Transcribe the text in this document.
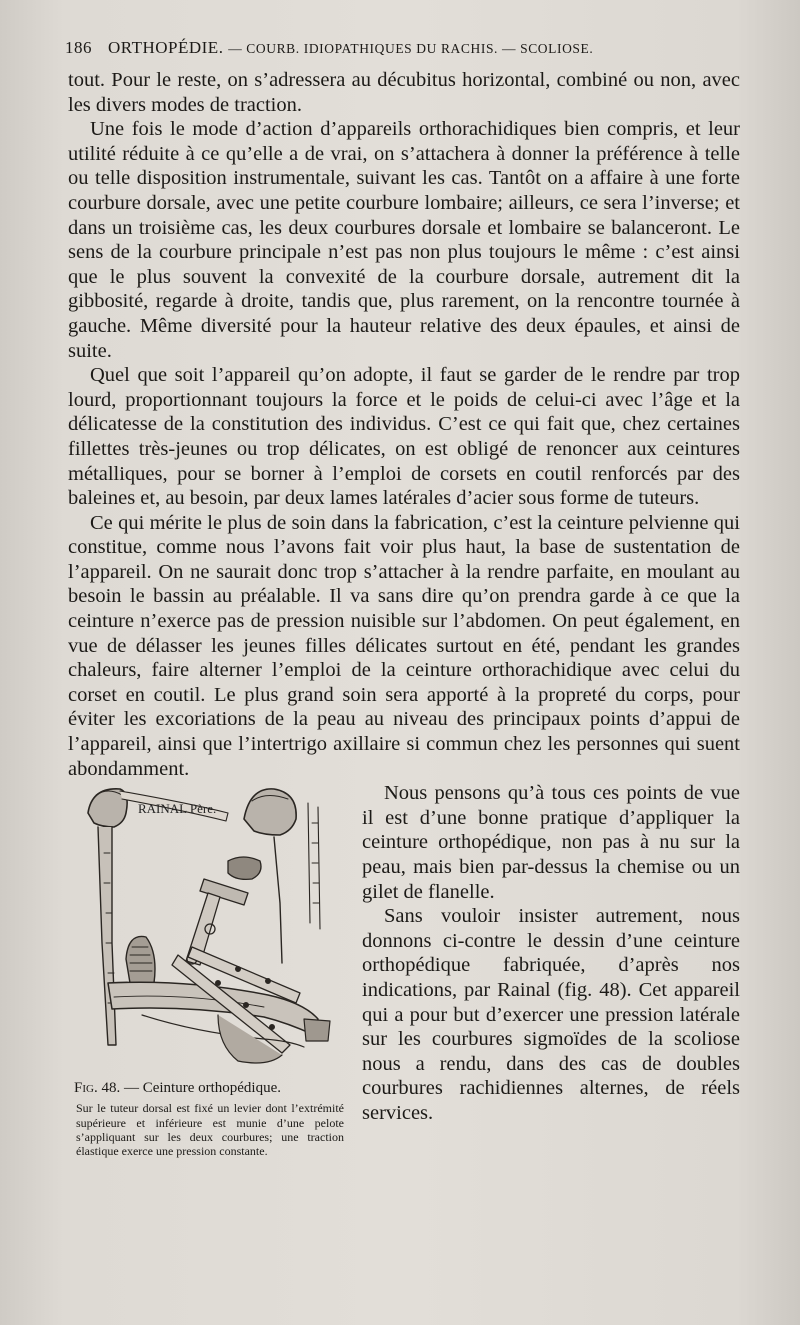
186 ORTHOPÉDIE. — COURB. IDIOPATHIQUES DU RACHIS. — SCOLIOSE.

tout. Pour le reste, on s’adressera au décubitus horizontal, combiné ou non, avec les divers modes de traction.

Une fois le mode d’action d’appareils orthorachidiques bien compris, et leur utilité réduite à ce qu’elle a de vrai, on s’attachera à donner la préférence à telle ou telle disposition instrumentale, suivant les cas. Tantôt on a affaire à une forte courbure dorsale, avec une petite courbure lombaire; ailleurs, ce sera l’inverse; et dans un troisième cas, les deux courbures dorsale et lombaire se balanceront. Le sens de la courbure principale n’est pas non plus toujours le même : c’est ainsi que le plus souvent la convexité de la courbure dorsale, autrement dit la gibbosité, regarde à droite, tandis que, plus rarement, on la rencontre tournée à gauche. Même diversité pour la hauteur relative des deux épaules, et ainsi de suite.

Quel que soit l’appareil qu’on adopte, il faut se garder de le rendre par trop lourd, proportionnant toujours la force et le poids de celui-ci avec l’âge et la délicatesse de la constitution des individus. C’est ce qui fait que, chez certaines fillettes très-jeunes ou trop délicates, on est obligé de renoncer aux ceintures métalliques, pour se borner à l’emploi de corsets en coutil renforcés par des baleines et, au besoin, par deux lames latérales d’acier sous forme de tuteurs.

Ce qui mérite le plus de soin dans la fabrication, c’est la ceinture pelvienne qui constitue, comme nous l’avons fait voir plus haut, la base de sustentation de l’appareil. On ne saurait donc trop s’attacher à la rendre parfaite, en moulant au besoin le bassin au préalable. Il va sans dire qu’on prendra garde à ce que la ceinture n’exerce pas de pression nuisible sur l’abdomen. On peut également, en vue de délasser les jeunes filles délicates surtout en été, pendant les grandes chaleurs, faire alterner l’emploi de la ceinture orthorachidique avec celui du corset en coutil. Le plus grand soin sera apporté à la propreté du corps, pour éviter les excoriations de la peau au niveau des principaux points d’appui de l’appareil, ainsi que l’intertrigo axillaire si commun chez les personnes qui suent abondamment.

RAINAL Père.
Fig. 48. — Ceinture orthopédique.
Sur le tuteur dorsal est fixé un levier dont l’extrémité supérieure et inférieure est munie d’une pelote s’appliquant sur les deux courbures; une traction élastique exerce une pression constante.

Nous pensons qu’à tous ces points de vue il est d’une bonne pratique d’appliquer la ceinture orthopédique, non pas à nu sur la peau, mais bien par-dessus la chemise ou un gilet de flanelle.

Sans vouloir insister autrement, nous donnons ci-contre le dessin d’une ceinture orthopédique fabriquée, d’après nos indications, par Rainal (fig. 48). Cet appareil qui a pour but d’exercer une pression latérale sur les courbures sigmoïdes de la scoliose nous a rendu, dans des cas de doubles courbures rachidiennes alternes, de réels services.
